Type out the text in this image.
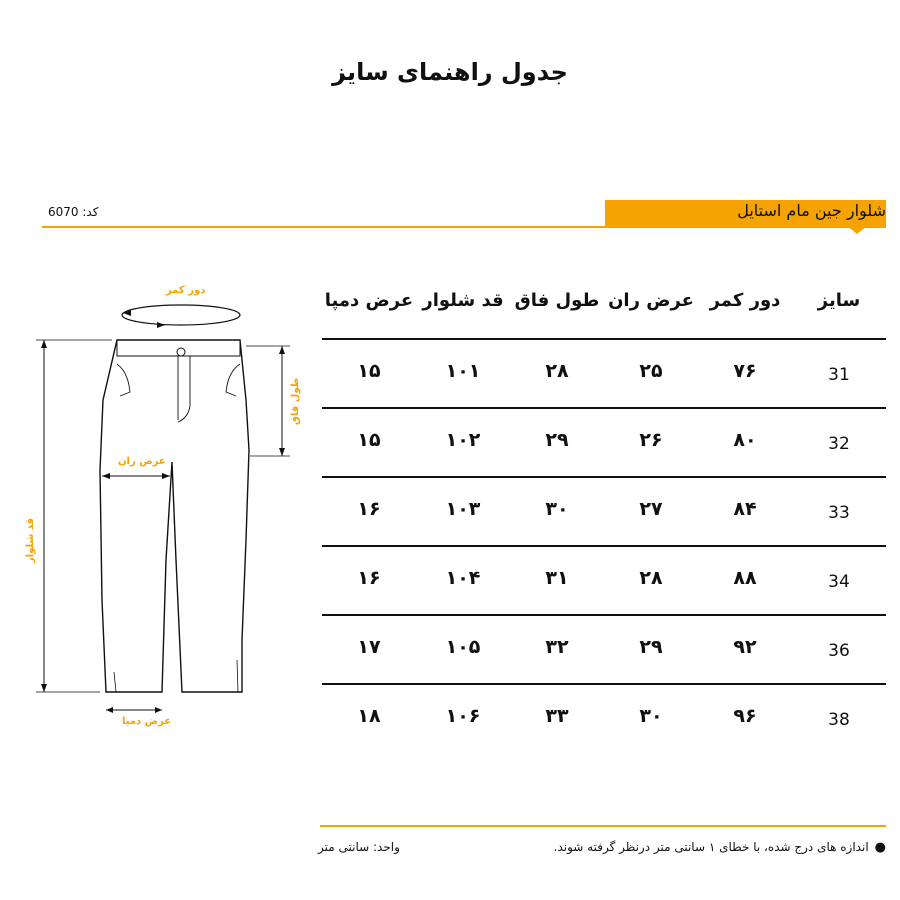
جدول راهنمای سایز
شلوار جین مام استایل
کد: 6070
دور کمر
عرض ران
عرض دمپا
قد شلوار
طول فاق
سایز
دور کمر
عرض ران
طول فاق
قد شلوار
عرض دمپا
31
۷۶
۲۵
۲۸
۱۰۱
۱۵
32
۸۰
۲۶
۲۹
۱۰۲
۱۵
33
۸۴
۲۷
۳۰
۱۰۳
۱۶
34
۸۸
۲۸
۳۱
۱۰۴
۱۶
36
۹۲
۲۹
۳۲
۱۰۵
۱۷
38
۹۶
۳۰
۳۳
۱۰۶
۱۸
●اندازه های درج شده، با خطای ۱ سانتی متر درنظر گرفته شوند.
واحد: سانتی متر
